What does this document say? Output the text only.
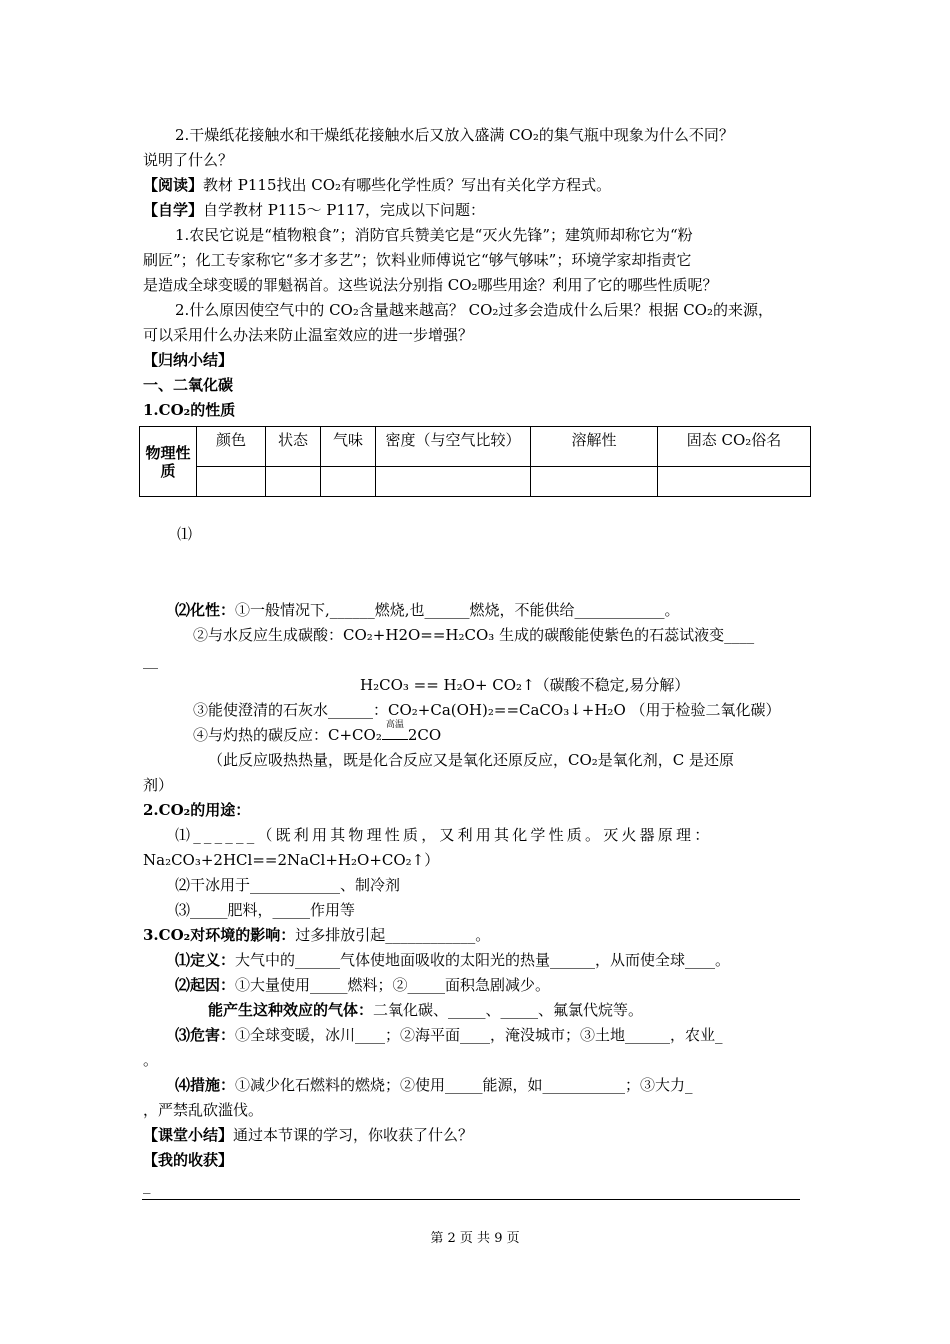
2.干燥纸花接触水和干燥纸花接触水后又放入盛满 CO₂的集气瓶中现象为什么不同？
说明了什么？
【阅读】教材 P115找出 CO₂有哪些化学性质？写出有关化学方程式。
【自学】自学教材 P115～ P117，完成以下问题：
1.农民它说是“植物粮食”；消防官兵赞美它是“灭火先锋”；建筑师却称它为“粉
刷匠”；化工专家称它“多才多艺”；饮料业师傅说它“够气够味”；环境学家却指责它
是造成全球变暖的罪魁祸首。这些说法分别指 CO₂哪些用途？利用了它的哪些性质呢？
2.什么原因使空气中的 CO₂含量越来越高？ CO₂过多会造成什么后果？根据 CO₂的来源，
可以采用什么办法来防止温室效应的进一步增强？
【归纳小结】
一、二氧化碳
1.CO₂的性质
物理性质	颜色	状态	气味	密度（与空气比较）	溶解性	固态 CO₂俗名

⑴
⑵化性：①一般情况下,______燃烧,也______燃烧，不能供给____________。
②与水反应生成碳酸：CO₂+H2O==H₂CO₃ 生成的碳酸能使紫色的石蕊试液变____
__
H₂CO₃ == H₂O+ CO₂↑（碳酸不稳定,易分解）
③能使澄清的石灰水______：CO₂+Ca(OH)₂==CaCO₃↓+H₂O （用于检验二氧化碳）
④与灼热的碳反应：C+CO₂
高温
2CO
（此反应吸热热量，既是化合反应又是氧化还原反应，CO₂是氧化剂，C 是还原
剂）
2.CO₂的用途：
⑴______（既利用其物理性质，又利用其化学性质。灭火器原理：
Na₂CO₃+2HCl==2NaCl+H₂O+CO₂↑）
⑵干冰用于____________、制冷剂
⑶_____肥料，_____作用等
3.CO₂对环境的影响：过多排放引起____________。
⑴定义：大气中的______气体使地面吸收的太阳光的热量______，从而使全球____。
⑵起因：①大量使用_____燃料；②_____面积急剧减少。
能产生这种效应的气体：二氧化碳、_____、_____、氟氯代烷等。
⑶危害：①全球变暖，冰川____；②海平面____，淹没城市；③土地______，农业_
。
⑷措施：①减少化石燃料的燃烧；②使用_____能源，如___________；③大力_
，严禁乱砍滥伐。
【课堂小结】通过本节课的学习，你收获了什么？
【我的收获】
_
第 2 页 共 9 页
